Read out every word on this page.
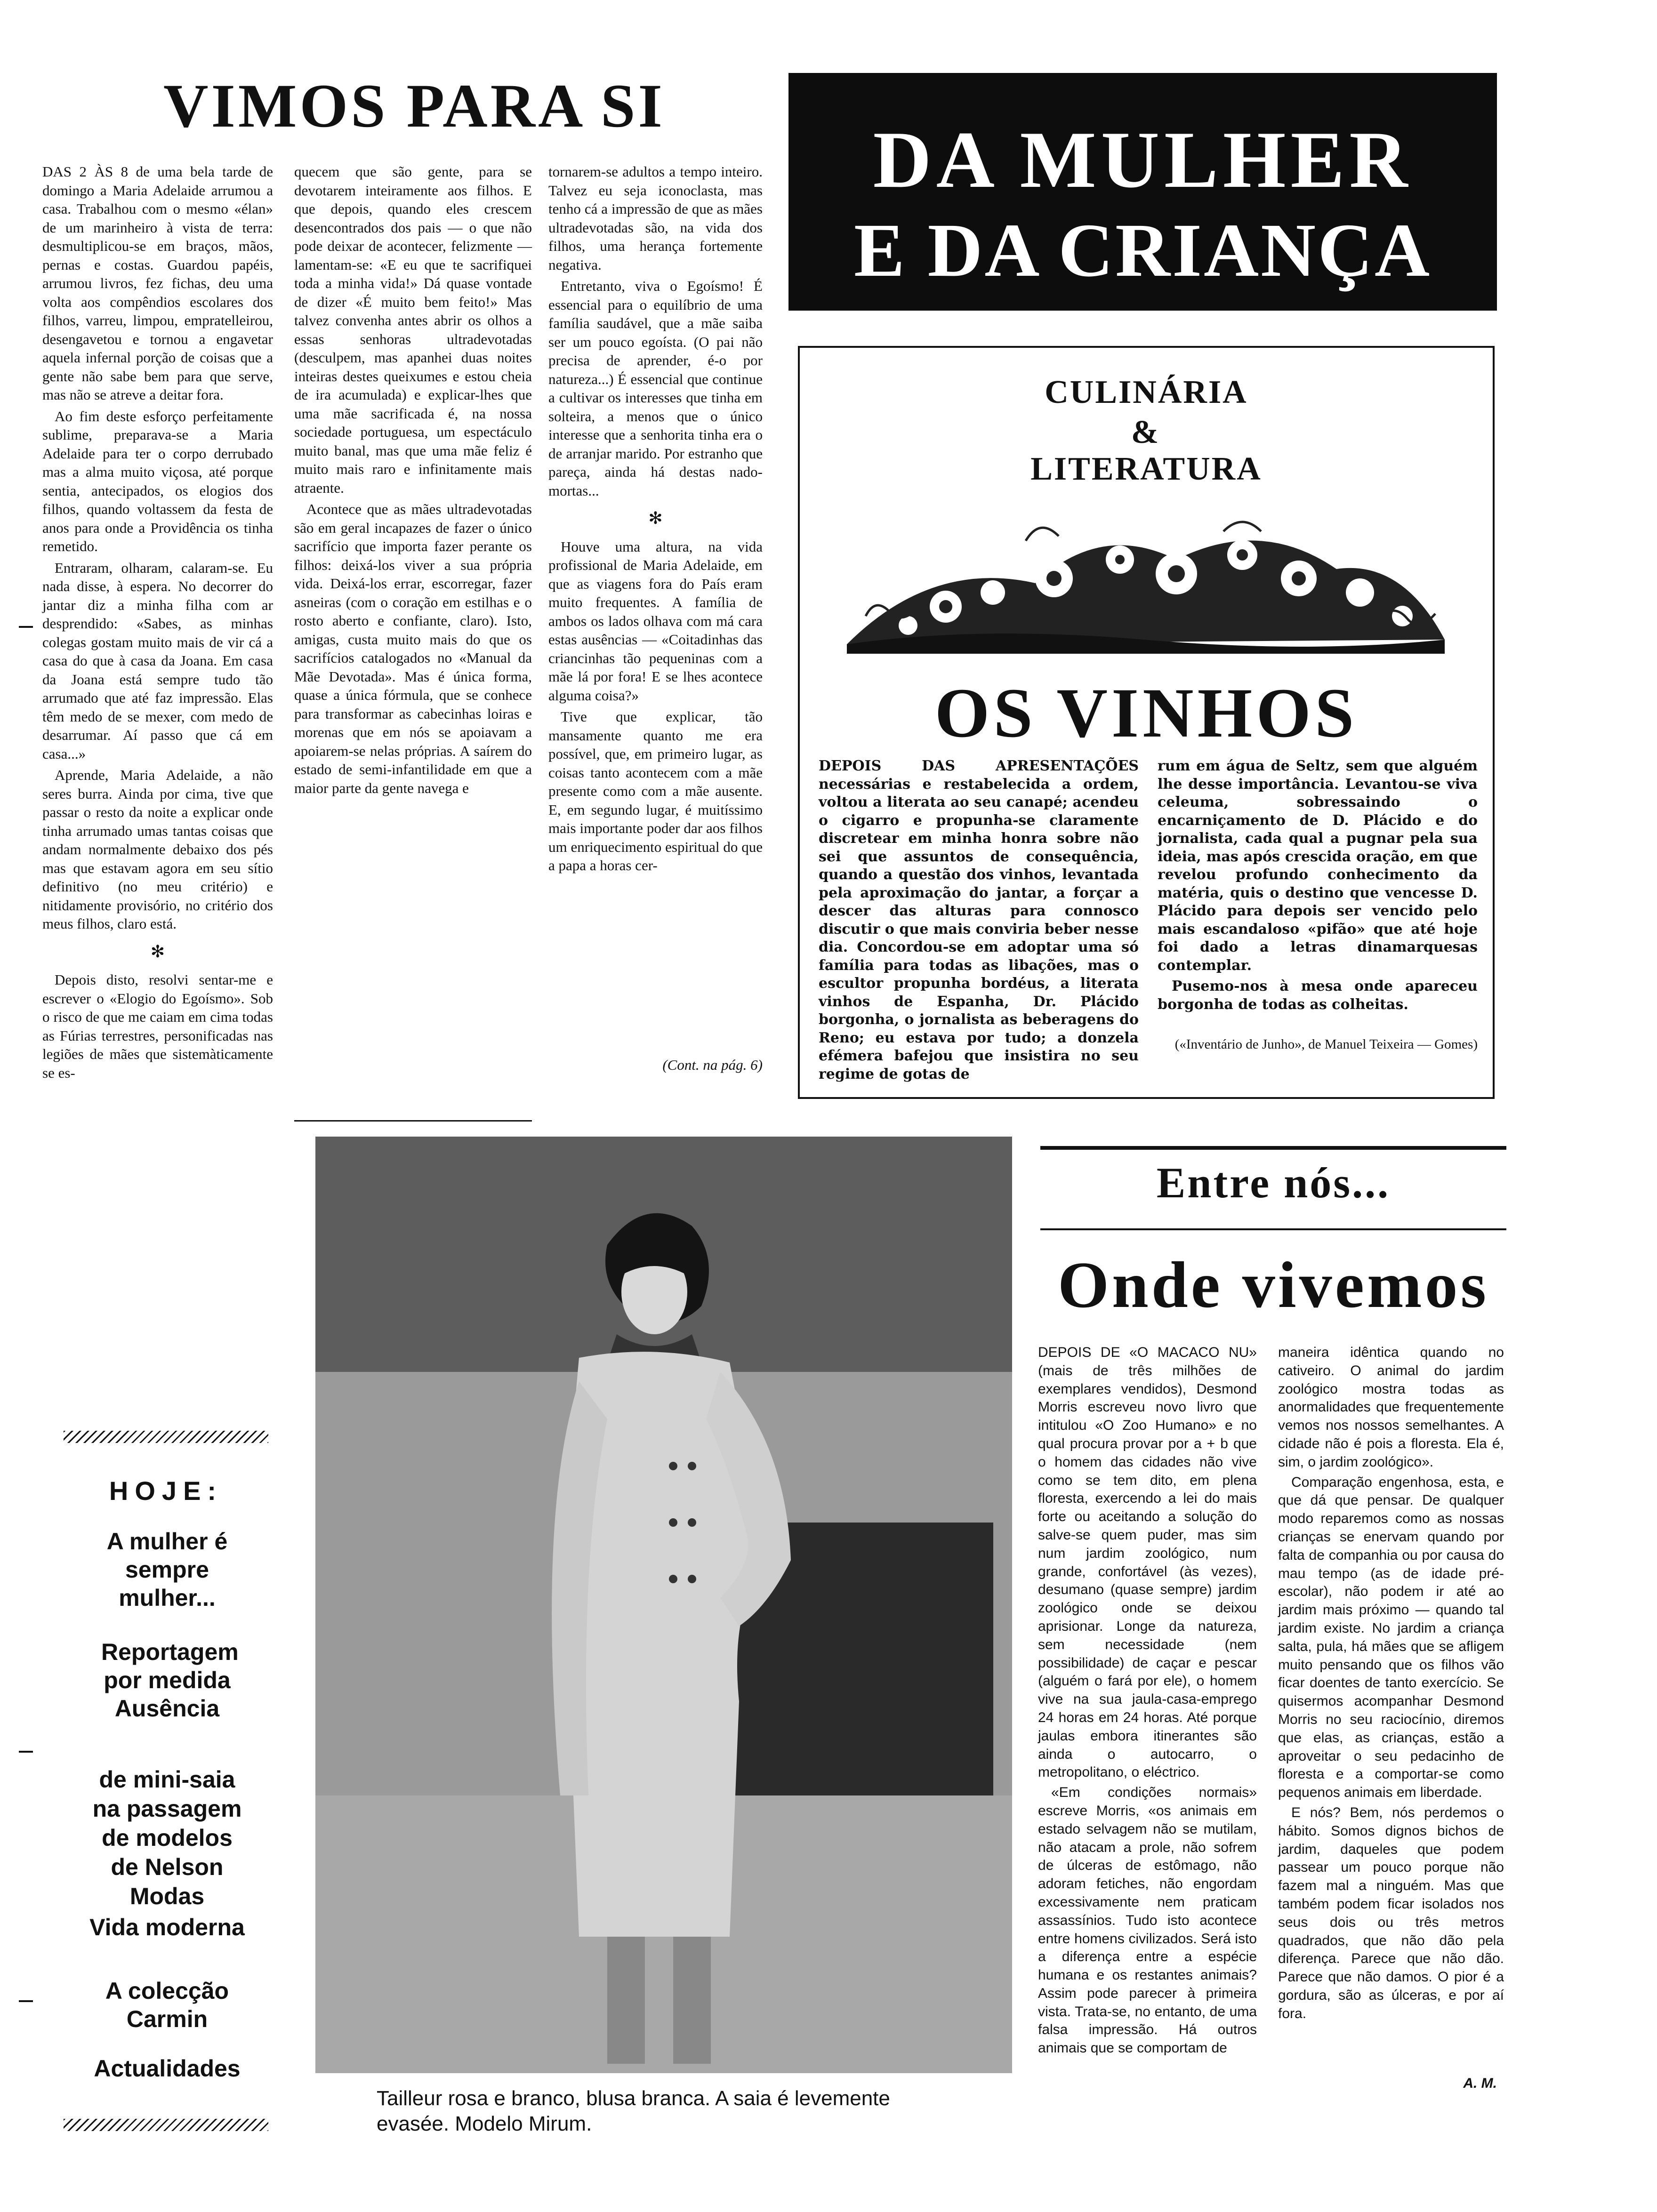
VIMOS PARA SI

DAS 2 ÀS 8 de uma bela tarde de domingo a Maria Adelaide arrumou a casa. Trabalhou com o mesmo «élan» de um marinheiro à vista de terra: desmultiplicou-se em braços, mãos, pernas e costas. Guardou papéis, arrumou livros, fez fichas, deu uma volta aos compêndios escolares dos filhos, varreu, limpou, empratelleirou, desengavetou e tornou a engavetar aquela infernal porção de coisas que a gente não sabe bem para que serve, mas não se atreve a deitar fora.

Ao fim deste esforço perfeitamente sublime, preparava-se a Maria Adelaide para ter o corpo derrubado mas a alma muito viçosa, até porque sentia, antecipados, os elogios dos filhos, quando voltassem da festa de anos para onde a Providência os tinha remetido.

Entraram, olharam, calaram-se. Eu nada disse, à espera. No decorrer do jantar diz a minha filha com ar desprendido: «Sabes, as minhas colegas gostam muito mais de vir cá a casa do que à casa da Joana. Em casa da Joana está sempre tudo tão arrumado que até faz impressão. Elas têm medo de se mexer, com medo de desarrumar. Aí passo que cá em casa...»

Aprende, Maria Adelaide, a não seres burra. Ainda por cima, tive que passar o resto da noite a explicar onde tinha arrumado umas tantas coisas que andam normalmente debaixo dos pés mas que estavam agora em seu sítio definitivo (no meu critério) e nitidamente provisório, no critério dos meus filhos, claro está.

✻

Depois disto, resolvi sentar-me e escrever o «Elogio do Egoísmo». Sob o risco de que me caiam em cima todas as Fúrias terrestres, personificadas nas legiões de mães que sistemàticamente se es-

quecem que são gente, para se devotarem inteiramente aos filhos. E que depois, quando eles crescem desencontrados dos pais — o que não pode deixar de acontecer, felizmente — lamentam-se: «E eu que te sacrifiquei toda a minha vida!» Dá quase vontade de dizer «É muito bem feito!» Mas talvez convenha antes abrir os olhos a essas senhoras ultradevotadas (desculpem, mas apanhei duas noites inteiras destes queixumes e estou cheia de ira acumulada) e explicar-lhes que uma mãe sacrificada é, na nossa sociedade portuguesa, um espectáculo muito banal, mas que uma mãe feliz é muito mais raro e infinitamente mais atraente.

Acontece que as mães ultradevotadas são em geral incapazes de fazer o único sacrifício que importa fazer perante os filhos: deixá-los viver a sua própria vida. Deixá-los errar, escorregar, fazer asneiras (com o coração em estilhas e o rosto aberto e confiante, claro). Isto, amigas, custa muito mais do que os sacrifícios catalogados no «Manual da Mãe Devotada». Mas é única forma, quase a única fórmula, que se conhece para transformar as cabecinhas loiras e morenas que em nós se apoiavam a apoiarem-se nelas próprias. A saírem do estado de semi-infantilidade em que a maior parte da gente navega e

tornarem-se adultos a tempo inteiro. Talvez eu seja iconoclasta, mas tenho cá a impressão de que as mães ultradevotadas são, na vida dos filhos, uma herança fortemente negativa.

Entretanto, viva o Egoísmo! É essencial para o equilíbrio de uma família saudável, que a mãe saiba ser um pouco egoísta. (O pai não precisa de aprender, é-o por natureza...) É essencial que continue a cultivar os interesses que tinha em solteira, a menos que o único interesse que a senhorita tinha era o de arranjar marido. Por estranho que pareça, ainda há destas nado-mortas...

✻

Houve uma altura, na vida profissional de Maria Adelaide, em que as viagens fora do País eram muito frequentes. A família de ambos os lados olhava com má cara estas ausências — «Coitadinhas das criancinhas tão pequeninas com a mãe lá por fora! E se lhes acontece alguma coisa?»

Tive que explicar, tão mansamente quanto me era possível, que, em primeiro lugar, as coisas tanto acontecem com a mãe presente como com a mãe ausente. E, em segundo lugar, é muitíssimo mais importante poder dar aos filhos um enriquecimento espiritual do que a papa a horas cer-

(Cont. na pág. 6)
DA MULHER
E DA CRIANÇA
CULINÁRIA
&
LITERATURA
OS VINHOS
DEPOIS DAS APRESENTAÇÕES necessárias e restabelecida a ordem, voltou a literata ao seu canapé; acendeu o cigarro e propunha-se claramente discretear em minha honra sobre não sei que assuntos de consequência, quando a questão dos vinhos, levantada pela aproximação do jantar, a forçar a descer das alturas para connosco discutir o que mais conviria beber nesse dia. Concordou-se em adoptar uma só família para todas as libações, mas o escultor propunha bordéus, a literata vinhos de Espanha, Dr. Plácido borgonha, o jornalista as beberagens do Reno; eu estava por tudo; a donzela efémera bafejou que insistira no seu regime de gotas de
rum em água de Seltz, sem que alguém lhe desse importância. Levantou-se viva celeuma, sobressaindo o encarniçamento de D. Plácido e do jornalista, cada qual a pugnar pela sua ideia, mas após crescida oração, em que revelou profundo conhecimento da matéria, quis o destino que vencesse D. Plácido para depois ser vencido pelo mais escandaloso «pifão» que até hoje foi dado a letras dinamarquesas contemplar.
Pusemo-nos à mesa onde apareceu borgonha de todas as colheitas.
(«Inventário de Junho», de Manuel Teixeira — Gomes)
HOJE:
A mulher é sempre mulher...
Reportagem por medida Ausência
de mini-saia na passagem de modelos de Nelson Modas
Vida moderna
A colecção Carmin
Actualidades
Tailleur rosa e branco, blusa branca. A saia é levemente
evasée. Modelo Mirum.
Entre nós...
Onde vivemos

DEPOIS DE «O MACACO NU» (mais de três milhões de exemplares vendidos), Desmond Morris escreveu novo livro que intitulou «O Zoo Humano» e no qual procura provar por a + b que o homem das cidades não vive como se tem dito, em plena floresta, exercendo a lei do mais forte ou aceitando a solução do salve-se quem puder, mas sim num jardim zoológico, num grande, confortável (às vezes), desumano (quase sempre) jardim zoológico onde se deixou aprisionar. Longe da natureza, sem necessidade (nem possibilidade) de caçar e pescar (alguém o fará por ele), o homem vive na sua jaula-casa-emprego 24 horas em 24 horas. Até porque jaulas embora itinerantes são ainda o autocarro, o metropolitano, o eléctrico.

«Em condições normais» escreve Morris, «os animais em estado selvagem não se mutilam, não atacam a prole, não sofrem de úlceras de estômago, não adoram fetiches, não engordam excessivamente nem praticam assassínios. Tudo isto acontece entre homens civilizados. Será isto a diferença entre a espécie humana e os restantes animais? Assim pode parecer à primeira vista. Trata-se, no entanto, de uma falsa impressão. Há outros animais que se comportam de

maneira idêntica quando no cativeiro. O animal do jardim zoológico mostra todas as anormalidades que frequentemente vemos nos nossos semelhantes. A cidade não é pois a floresta. Ela é, sim, o jardim zoológico».

Comparação engenhosa, esta, e que dá que pensar. De qualquer modo reparemos como as nossas crianças se enervam quando por falta de companhia ou por causa do mau tempo (as de idade pré-escolar), não podem ir até ao jardim mais próximo — quando tal jardim existe. No jardim a criança salta, pula, há mães que se afligem muito pensando que os filhos vão ficar doentes de tanto exercício. Se quisermos acompanhar Desmond Morris no seu raciocínio, diremos que elas, as crianças, estão a aproveitar o seu pedacinho de floresta e a comportar-se como pequenos animais em liberdade.

E nós? Bem, nós perdemos o hábito. Somos dignos bichos de jardim, daqueles que podem passear um pouco porque não fazem mal a ninguém. Mas que também podem ficar isolados nos seus dois ou três metros quadrados, que não dão pela diferença. Parece que não dão. Parece que não damos. O pior é a gordura, são as úlceras, e por aí fora.

A. M.
